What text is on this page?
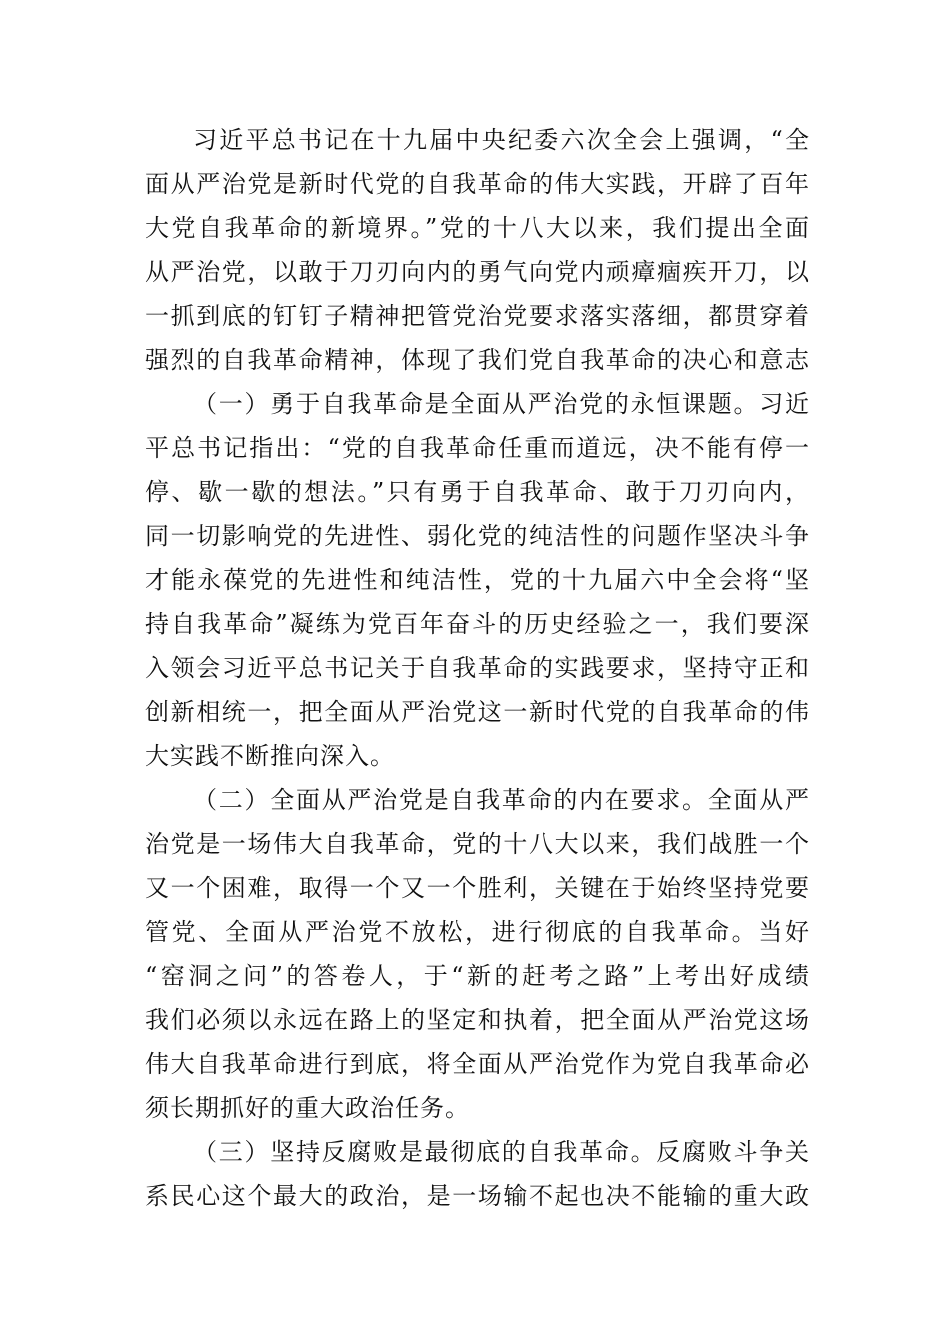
习近平总书记在十九届中央纪委六次全会上强调，“全
面从严治党是新时代党的自我革命的伟大实践，开辟了百年
大党自我革命的新境界。”党的十八大以来，我们提出全面
从严治党，以敢于刀刃向内的勇气向党内顽瘴痼疾开刀，以
一抓到底的钉钉子精神把管党治党要求落实落细，都贯穿着
强烈的自我革命精神，体现了我们党自我革命的决心和意志
（一）勇于自我革命是全面从严治党的永恒课题。习近
平总书记指出：“党的自我革命任重而道远，决不能有停一
停、歇一歇的想法。”只有勇于自我革命、敢于刀刃向内，
同一切影响党的先进性、弱化党的纯洁性的问题作坚决斗争
才能永葆党的先进性和纯洁性，党的十九届六中全会将“坚
持自我革命”凝练为党百年奋斗的历史经验之一，我们要深
入领会习近平总书记关于自我革命的实践要求，坚持守正和
创新相统一，把全面从严治党这一新时代党的自我革命的伟
大实践不断推向深入。
（二）全面从严治党是自我革命的内在要求。全面从严
治党是一场伟大自我革命，党的十八大以来，我们战胜一个
又一个困难，取得一个又一个胜利，关键在于始终坚持党要
管党、全面从严治党不放松，进行彻底的自我革命。当好
“窑洞之问”的答卷人，于“新的赶考之路”上考出好成绩
我们必须以永远在路上的坚定和执着，把全面从严治党这场
伟大自我革命进行到底，将全面从严治党作为党自我革命必
须长期抓好的重大政治任务。
（三）坚持反腐败是最彻底的自我革命。反腐败斗争关
系民心这个最大的政治，是一场输不起也决不能输的重大政
